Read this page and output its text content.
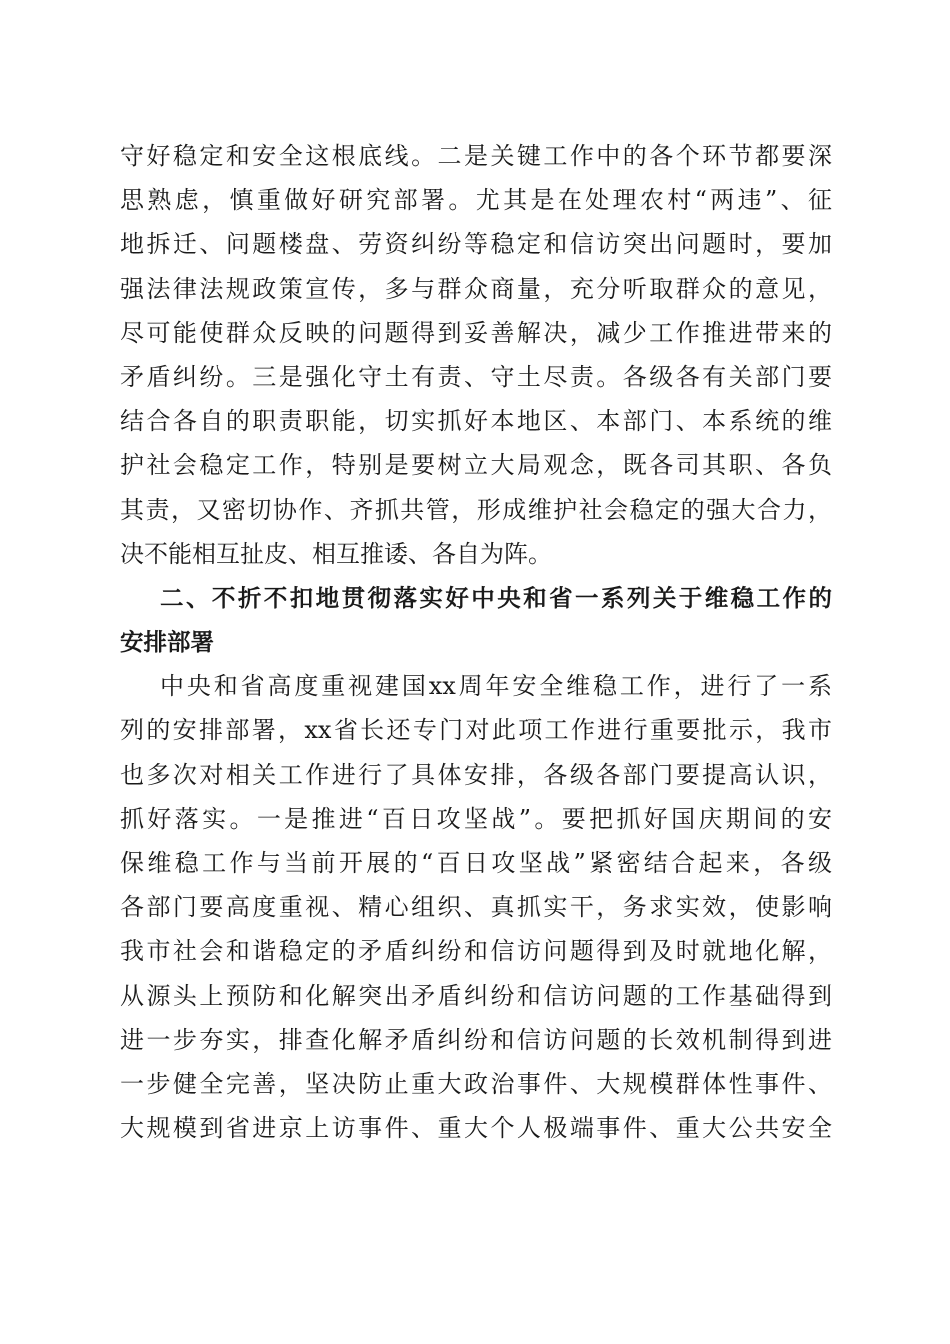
守好稳定和安全这根底线。二是关键工作中的各个环节都要深
思熟虑，慎重做好研究部署。尤其是在处理农村“两违”、征
地拆迁、问题楼盘、劳资纠纷等稳定和信访突出问题时，要加
强法律法规政策宣传，多与群众商量，充分听取群众的意见，
尽可能使群众反映的问题得到妥善解决，减少工作推进带来的
矛盾纠纷。三是强化守土有责、守土尽责。各级各有关部门要
结合各自的职责职能，切实抓好本地区、本部门、本系统的维
护社会稳定工作，特别是要树立大局观念，既各司其职、各负
其责，又密切协作、齐抓共管，形成维护社会稳定的强大合力，
决不能相互扯皮、相互推诿、各自为阵。
二、不折不扣地贯彻落实好中央和省一系列关于维稳工作的
安排部署
中央和省高度重视建国xx周年安全维稳工作，进行了一系
列的安排部署，xx省长还专门对此项工作进行重要批示，我市
也多次对相关工作进行了具体安排，各级各部门要提高认识，
抓好落实。一是推进“百日攻坚战”。要把抓好国庆期间的安
保维稳工作与当前开展的“百日攻坚战”紧密结合起来，各级
各部门要高度重视、精心组织、真抓实干，务求实效，使影响
我市社会和谐稳定的矛盾纠纷和信访问题得到及时就地化解，
从源头上预防和化解突出矛盾纠纷和信访问题的工作基础得到
进一步夯实，排查化解矛盾纠纷和信访问题的长效机制得到进
一步健全完善，坚决防止重大政治事件、大规模群体性事件、
大规模到省进京上访事件、重大个人极端事件、重大公共安全
